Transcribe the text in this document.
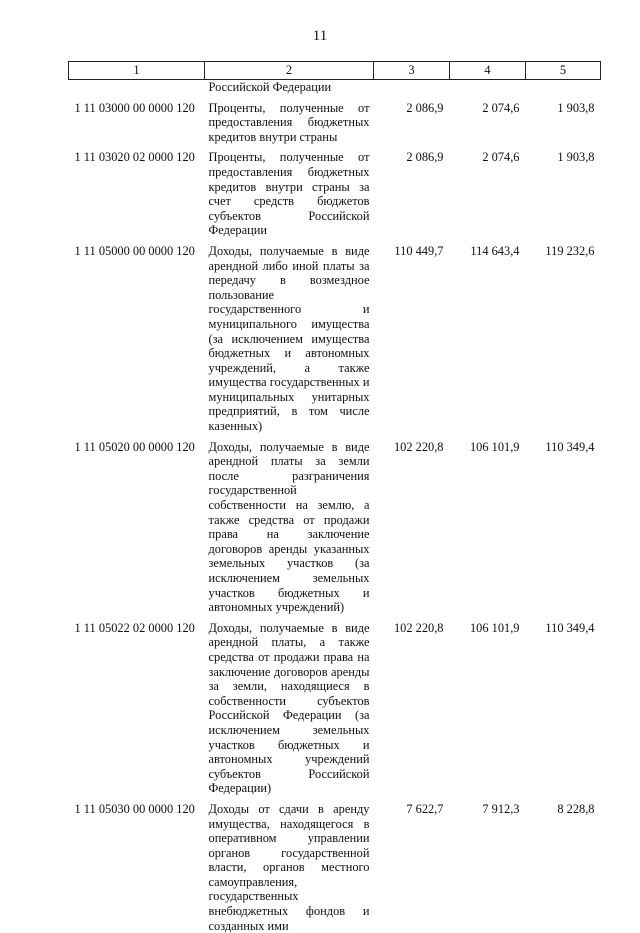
11
1	2	3	4	5
	Российской Федерации			

1 11 03000 00 0000 120	Проценты, полученные от предоставления бюджетных кредитов внутри страны	2 086,9	2 074,6	1 903,8

1 11 03020 02 0000 120	Проценты, полученные от предоставления бюджетных кредитов внутри страны за счет средств бюджетов субъектов Российской Федерации	2 086,9	2 074,6	1 903,8

1 11 05000 00 0000 120	Доходы, получаемые в виде арендной либо иной платы за передачу в возмездное пользование государственного и муниципального имущества (за исключением имущества бюджетных и автономных учреждений, а также имущества государственных и муниципальных унитарных предприятий, в том числе казенных)	110 449,7	114 643,4	119 232,6

1 11 05020 00 0000 120	Доходы, получаемые в виде арендной платы за земли после разграничения государственной собственности на землю, а также средства от продажи права на заключение договоров аренды указанных земельных участков (за исключением земельных участков бюджетных и автономных учреждений)	102 220,8	106 101,9	110 349,4

1 11 05022 02 0000 120	Доходы, получаемые в виде арендной платы, а также средства от продажи права на заключение договоров аренды за земли, находящиеся в собственности субъектов Российской Федерации (за исключением земельных участков бюджетных и автономных учреждений субъектов Российской Федерации)	102 220,8	106 101,9	110 349,4

1 11 05030 00 0000 120	Доходы от сдачи в аренду имущества, находящегося в оперативном управлении органов государственной власти, органов местного самоуправления, государственных внебюджетных фондов и созданных ими	7 622,7	7 912,3	8 228,8
